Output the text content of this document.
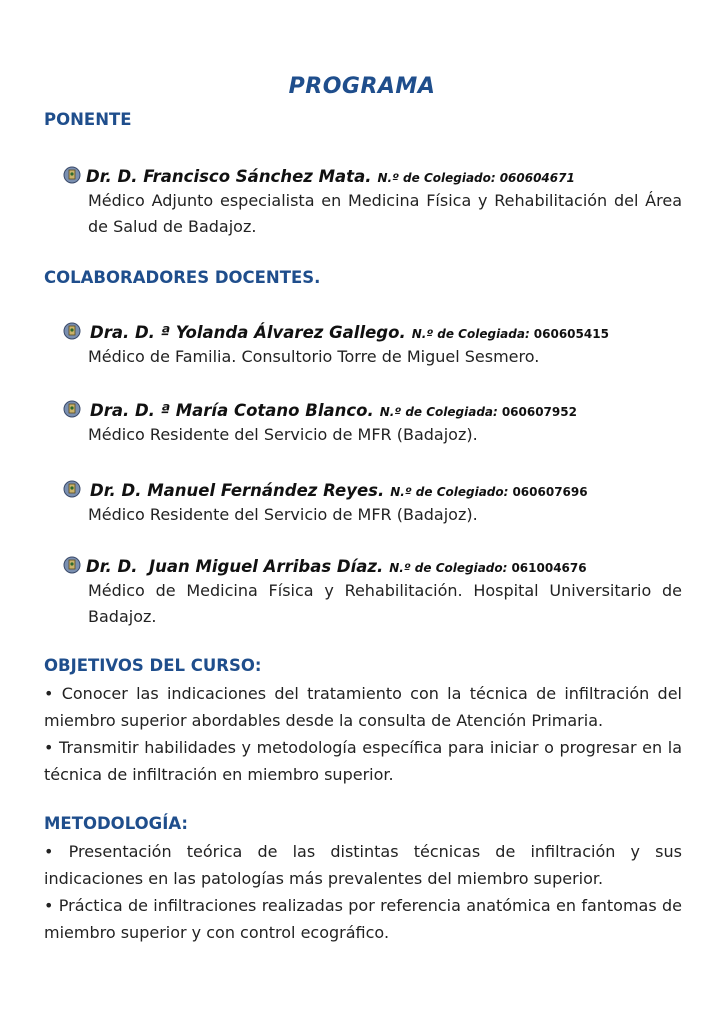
PROGRAMA
PONENTE
Dr. D. Francisco Sánchez Mata. N.º de Colegiado: 060604671
Médico Adjunto especialista en Medicina Física y Rehabilitación del Área de Salud de Badajoz.
COLABORADORES DOCENTES.
Dra. D. ª Yolanda Álvarez Gallego. N.º de Colegiada: 060605415
Médico de Familia. Consultorio Torre de Miguel Sesmero.
Dra. D. ª María Cotano Blanco. N.º de Colegiada: 060607952
Médico Residente del Servicio de MFR (Badajoz).
Dr. D. Manuel Fernández Reyes. N.º de Colegiado: 060607696
Médico Residente del Servicio de MFR (Badajoz).
Dr. D.  Juan Miguel Arribas Díaz. N.º de Colegiado: 061004676
Médico de Medicina Física y Rehabilitación. Hospital Universitario de Badajoz.
OBJETIVOS DEL CURSO:

• Conocer las indicaciones del tratamiento con la técnica de infiltración del miembro superior abordables desde la consulta de Atención Primaria.

• Transmitir habilidades y metodología específica para iniciar o progresar en la técnica de infiltración en miembro superior.

METODOLOGÍA:

• Presentación teórica de las distintas técnicas de infiltración y sus indicaciones en las patologías más prevalentes del miembro superior.

• Práctica de infiltraciones realizadas por referencia anatómica en fantomas de miembro superior y con control ecográfico.
